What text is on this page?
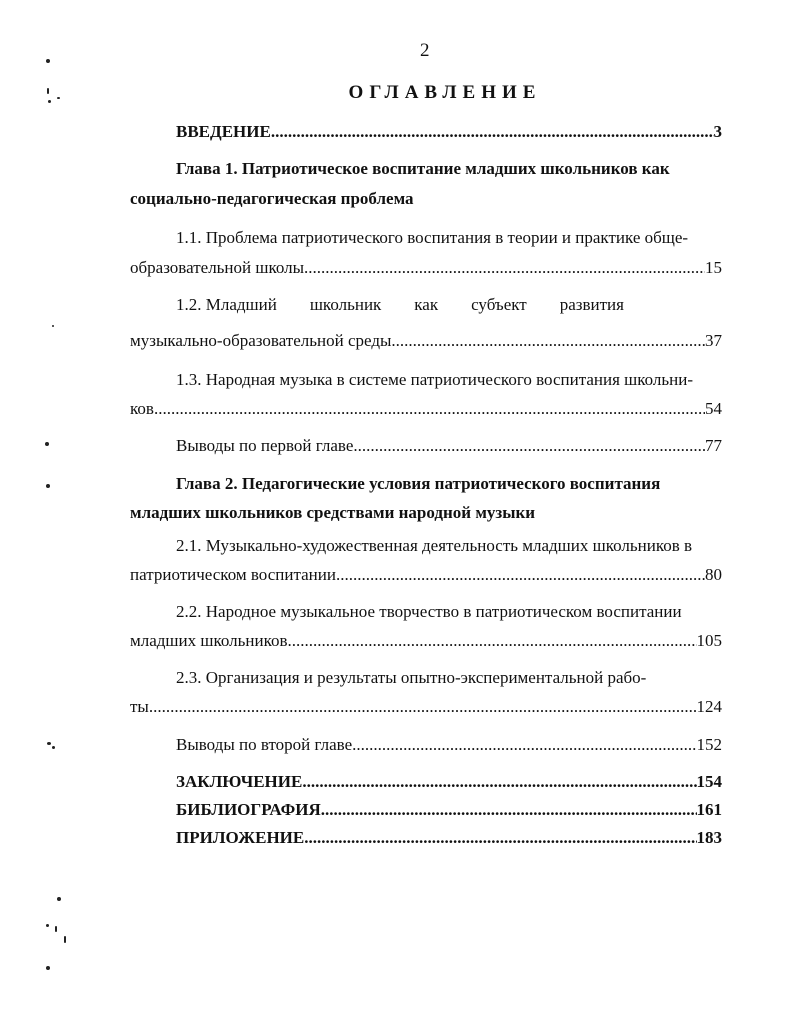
2
ОГЛАВЛЕНИЕ
ВВЕДЕНИЕ .....	3
Глава 1. Патриотическое воспитание младших школьников как
социально-педагогическая проблема
1.1. Проблема патриотического воспитания в теории и практике обще-
образовательной школы .....	15
1.2. Младший школьник как субъект развития
музыкально-образовательной среды .....	37
1.3. Народная музыка в системе патриотического воспитания школьни-
ков .....	54
Выводы по первой главе .....	77
Глава 2. Педагогические условия патриотического воспитания
младших школьников средствами народной музыки
2.1. Музыкально-художественная деятельность младших школьников в
патриотическом воспитании .....	80
2.2. Народное музыкальное творчество в патриотическом воспитании
младших школьников .....	105
2.3. Организация и результаты опытно-экспериментальной рабо-
ты .....	124
Выводы по второй главе .....	152
ЗАКЛЮЧЕНИЕ .....	154
БИБЛИОГРАФИЯ .....	161
ПРИЛОЖЕНИЕ .....	183
